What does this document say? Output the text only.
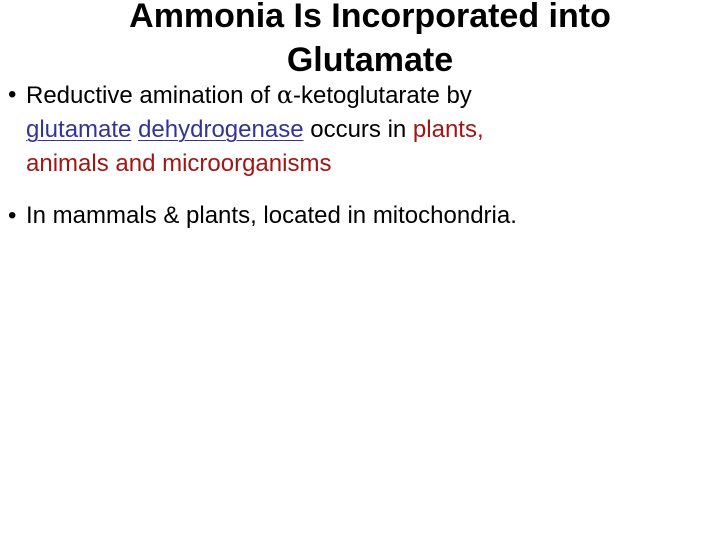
Ammonia Is Incorporated into
Glutamate
• Reductive amination of α-ketoglutarate by
glutamate dehydrogenase occurs in plants,
animals and microorganisms
• In mammals & plants, located in mitochondria.
